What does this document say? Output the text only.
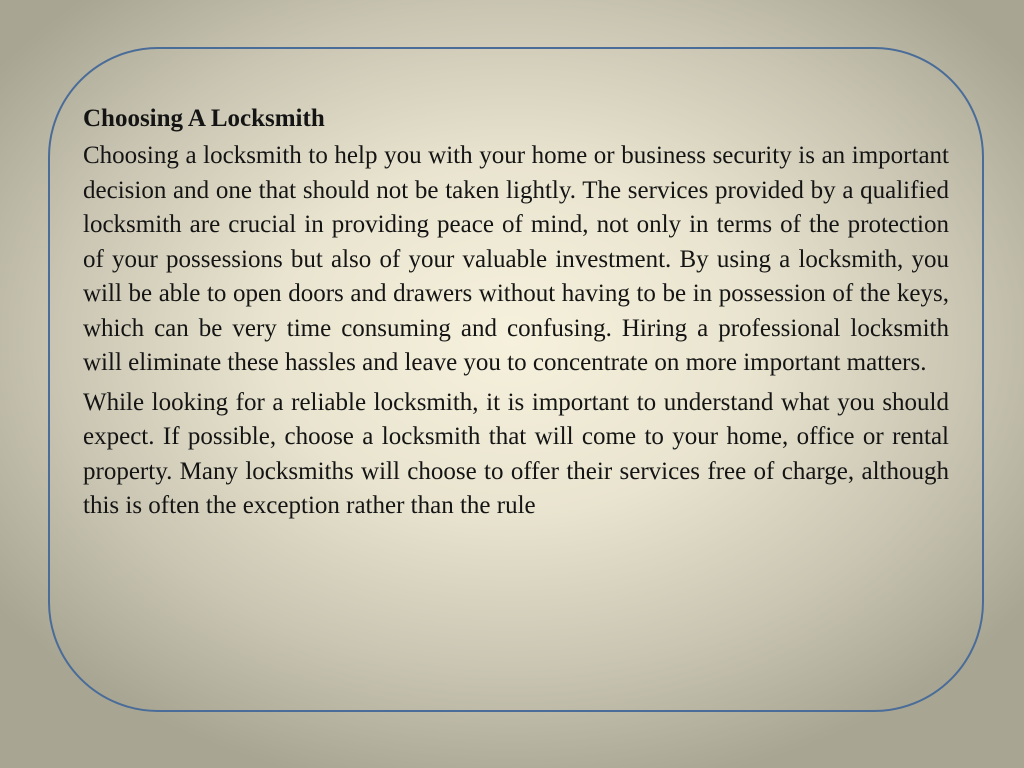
Choosing A Locksmith

Choosing a locksmith to help you with your home or business security is an important decision and one that should not be taken lightly. The services provided by a qualified locksmith are crucial in providing peace of mind, not only in terms of the protection of your possessions but also of your valuable investment. By using a locksmith, you will be able to open doors and drawers without having to be in possession of the keys, which can be very time consuming and confusing. Hiring a professional locksmith will eliminate these hassles and leave you to concentrate on more important matters.

While looking for a reliable locksmith, it is important to understand what you should expect. If possible, choose a locksmith that will come to your home, office or rental property. Many locksmiths will choose to offer their services free of charge, although this is often the exception rather than the rule
